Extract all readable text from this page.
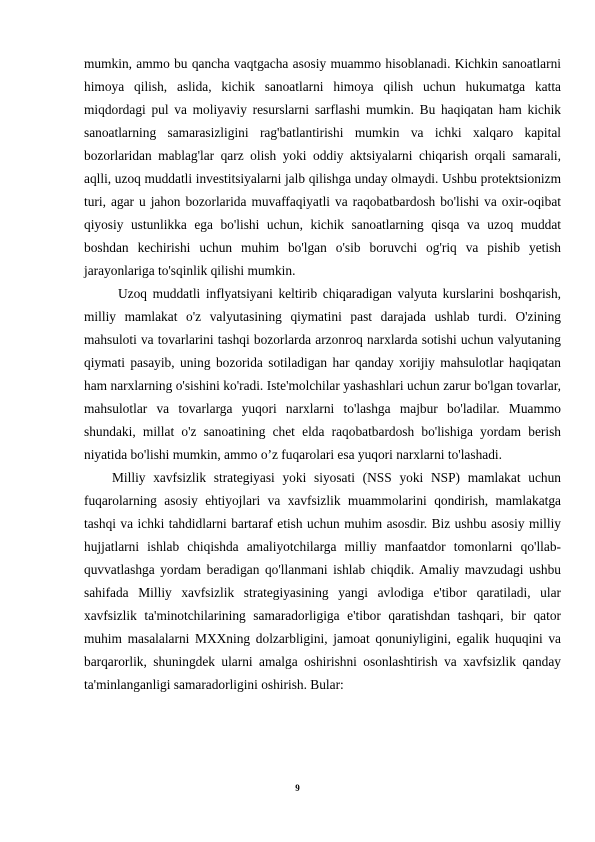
mumkin, ammo bu qancha vaqtgacha asosiy muammo hisoblanadi. Kichkin sanoatlarni himoya qilish, aslida, kichik sanoatlarni himoya qilish uchun hukumatga katta miqdordagi pul va moliyaviy resurslarni sarflashi mumkin. Bu haqiqatan ham kichik sanoatlarning samarasizligini rag'batlantirishi mumkin va ichki xalqaro kapital bozorlaridan mablag'lar qarz olish yoki oddiy aktsiyalarni chiqarish orqali samarali, aqlli, uzoq muddatli investitsiyalarni jalb qilishga unday olmaydi. Ushbu protektsionizm turi, agar u jahon bozorlarida muvaffaqiyatli va raqobatbardosh bo'lishi va oxir-oqibat qiyosiy ustunlikka ega bo'lishi uchun, kichik sanoatlarning qisqa va uzoq muddat boshdan kechirishi uchun muhim bo'lgan o'sib boruvchi og'riq va pishib yetish jarayonlariga to'sqinlik qilishi mumkin.

Uzoq muddatli inflyatsiyani keltirib chiqaradigan valyuta kurslarini boshqarish, milliy mamlakat o'z valyutasining qiymatini past darajada ushlab turdi. O'zining mahsuloti va tovarlarini tashqi bozorlarda arzonroq narxlarda sotishi uchun valyutaning qiymati pasayib, uning bozorida sotiladigan har qanday xorijiy mahsulotlar haqiqatan ham narxlarning o'sishini ko'radi. Iste'molchilar yashashlari uchun zarur bo'lgan tovarlar, mahsulotlar va tovarlarga yuqori narxlarni to'lashga majbur bo'ladilar. Muammo shundaki, millat o'z sanoatining chet elda raqobatbardosh bo'lishiga yordam berish niyatida bo'lishi mumkin, ammo o’z fuqarolari esa yuqori narxlarni to'lashadi.

Milliy xavfsizlik strategiyasi yoki siyosati (NSS yoki NSP) mamlakat uchun fuqarolarning asosiy ehtiyojlari va xavfsizlik muammolarini qondirish, mamlakatga tashqi va ichki tahdidlarni bartaraf etish uchun muhim asosdir. Biz ushbu asosiy milliy hujjatlarni ishlab chiqishda amaliyotchilarga milliy manfaatdor tomonlarni qo'llab-quvvatlashga yordam beradigan qo'llanmani ishlab chiqdik. Amaliy mavzudagi ushbu sahifada Milliy xavfsizlik strategiyasining yangi avlodiga e'tibor qaratiladi, ular xavfsizlik ta'minotchilarining samaradorligiga e'tibor qaratishdan tashqari, bir qator muhim masalalarni MXXning dolzarbligini, jamoat qonuniyligini, egalik huquqini va barqarorlik, shuningdek ularni amalga oshirishni osonlashtirish va xavfsizlik qanday ta'minlanganligi samaradorligini oshirish. Bular:

9
